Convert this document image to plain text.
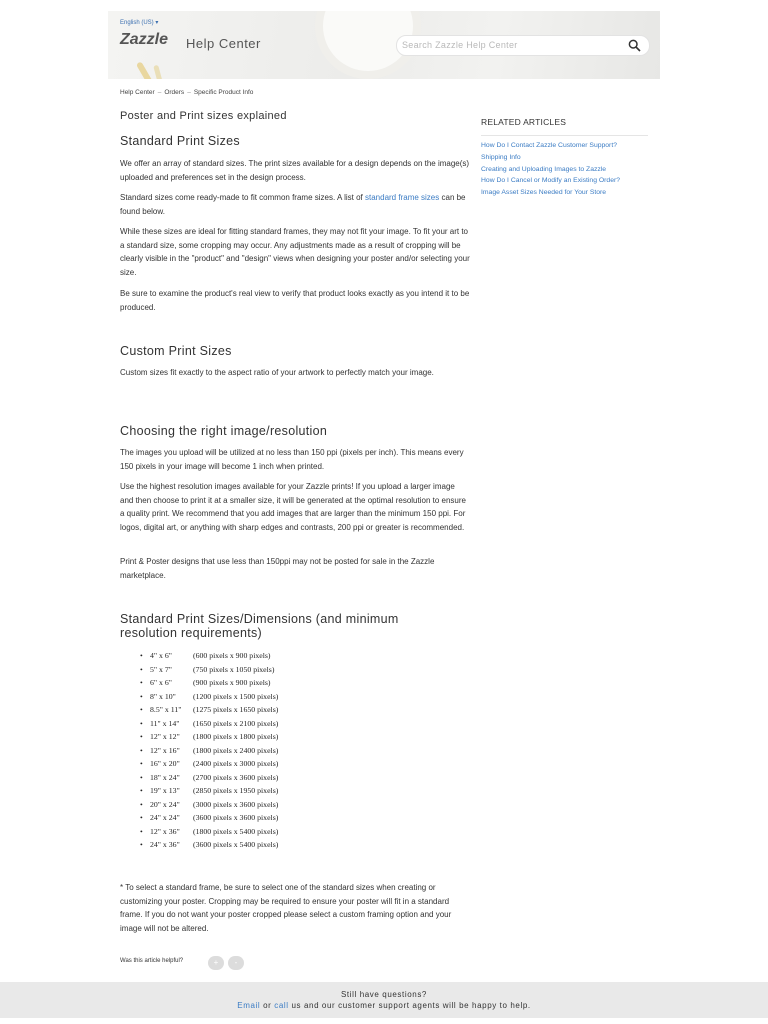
English (US) ▾
Zazzle Help Center	Search Zazzle Help Center
Help Center – Orders – Specific Product Info
Poster and Print sizes explained
Standard Print Sizes

We offer an array of standard sizes. The print sizes available for a design depends on the image(s) uploaded and preferences set in the design process.

Standard sizes come ready-made to fit common frame sizes. A list of standard frame sizes can be found below.

While these sizes are ideal for fitting standard frames, they may not fit your image. To fit your art to a standard size, some cropping may occur. Any adjustments made as a result of cropping will be clearly visible in the "product" and "design" views when designing your poster and/or selecting your size.

Be sure to examine the product's real view to verify that product looks exactly as you intend it to be produced.

Custom Print Sizes

Custom sizes fit exactly to the aspect ratio of your artwork to perfectly match your image.

Choosing the right image/resolution

The images you upload will be utilized at no less than 150 ppi (pixels per inch). This means every 150 pixels in your image will become 1 inch when printed.

Use the highest resolution images available for your Zazzle prints! If you upload a larger image and then choose to print it at a smaller size, it will be generated at the optimal resolution to ensure a quality print. We recommend that you add images that are larger than the minimum 150 ppi. For logos, digital art, or anything with sharp edges and contrasts, 200 ppi or greater is recommended.

Print & Poster designs that use less than 150ppi may not be posted for sale in the Zazzle marketplace.

Standard Print Sizes/Dimensions (and minimum resolution requirements)
• 4" x 6"	(600 pixels x 900 pixels)
• 5" x 7"	(750 pixels x 1050 pixels)
• 6" x 6"	(900 pixels x 900 pixels)
• 8" x 10" (1200 pixels x 1500 pixels)
• 8.5" x 11" (1275 pixels x 1650 pixels)
• 11" x 14" (1650 pixels x 2100 pixels)
• 12" x 12" (1800 pixels x 1800 pixels)
• 12" x 16" (1800 pixels x 2400 pixels)
• 16" x 20" (2400 pixels x 3000 pixels)
• 18" x 24" (2700 pixels x 3600 pixels)
• 19" x 13" (2850 pixels x 1950 pixels)
• 20" x 24" (3000 pixels x 3600 pixels)
• 24" x 24" (3600 pixels x 3600 pixels)
• 12" x 36" (1800 pixels x 5400 pixels)
• 24" x 36" (3600 pixels x 5400 pixels)

* To select a standard frame, be sure to select one of the standard sizes when creating or customizing your poster. Cropping may be required to ensure your poster will fit in a standard frame. If you do not want your poster cropped please select a custom framing option and your image will not be altered.

Was this article helpful?	+	-
RELATED ARTICLES
How Do I Contact Zazzle Customer Support?
Shipping Info
Creating and Uploading Images to Zazzle
How Do I Cancel or Modify an Existing Order?
Image Asset Sizes Needed for Your Store
Still have questions?
Email or call us and our customer support agents will be happy to help.
